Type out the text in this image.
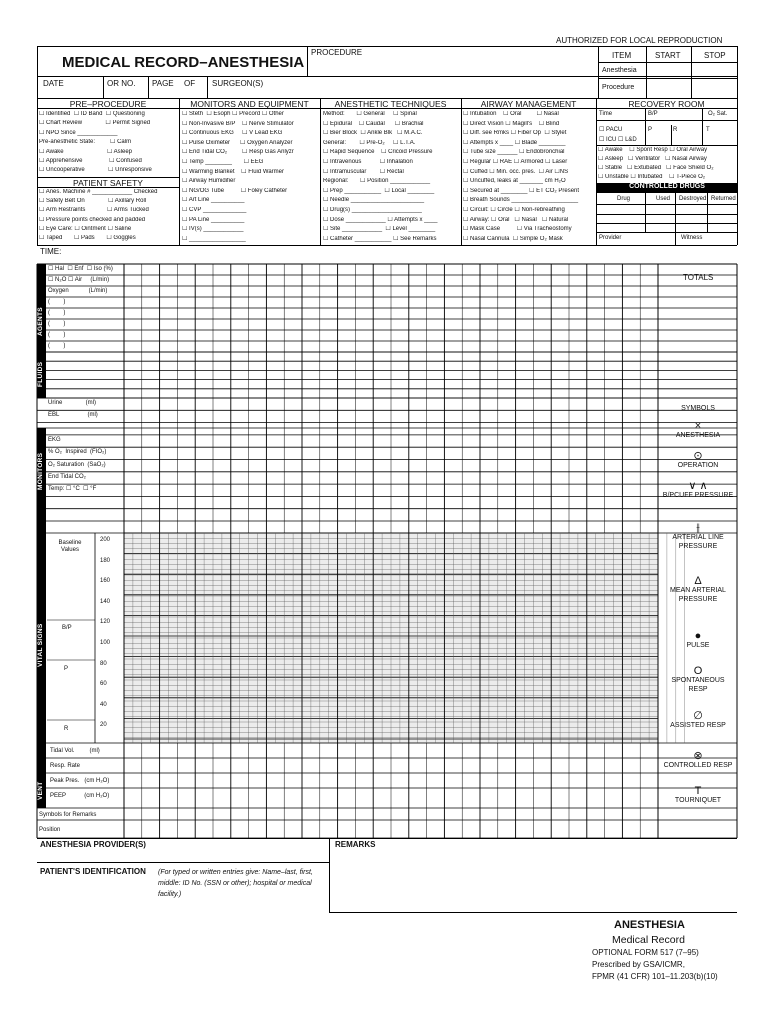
AUTHORIZED FOR LOCAL REPRODUCTION
MEDICAL RECORD–ANESTHESIA
PROCEDURE	ITEM	START	STOP
Anesthesia
Procedure
DATE	OR NO. PAGE OF SURGEON(S)
PRE–PROCEDURE	MONITORS AND EQUIPMENT	ANESTHETIC TECHNIQUES	AIRWAY MANAGEMENT	RECOVERY ROOM
☐ Identified  ☐ ID Band  ☐ Questioning
☐ Chart Review              ☐ Permit Signed
☐ NPO Since ____________
Pre-anesthetic State:         ☐ Calm
☐ Awake                          ☐ Asleep
☐ Apprehensive                ☐ Confused
☐ Uncooperative              ☐ Unresponsive
PATIENT SAFETY
☐ Anes. Machine # ____________ Checked
☐ Safety Belt On              ☐ Axillary Roll
☐ Arm Restraints             ☐ Arms Tucked
☐ Pressure points checked and padded
☐ Eye Care: ☐ Ointment ☐ Saline
☐ Taped       ☐ Pads       ☐ Goggles
☐ Steth  ☐ Esoph ☐ Precord ☐ Other
☐ Non-Invasive B/P    ☐ Nerve Stimulator
☐ Continuous EKG     ☐ V Lead EKG
☐ Pulse Oximeter      ☐ Oxygen Analyzer
☐ End Tidal CO₂         ☐ Resp Gas Anlyzr
☐ Temp ________       ☐ EEG
☐ Warming Blanket    ☐ Fluid Warmer
☐ Airway Humidifier
☐ NG/OG Tube          ☐ Foley Catheter
☐ Art Line __________
☐ CVP _____________
☐ PA Line __________
☐ IV(s) ____________
☐ _________________
Method:       ☐ General     ☐ Spinal
☐ Epidural    ☐ Caudal      ☐ Brachial
☐ Bier Block  ☐ Ankle Blk   ☐ M.A.C.
General:        ☐ Pre-O₂     ☐ L.T.A.
☐ Rapid Sequence    ☐ Cricoid Pressure
☐ Intravenous           ☐ Inhalation
☐ Intramuscular        ☐ Rectal
Regional:       ☐ Position ____________
☐ Prep ___________  ☐ Local ________
☐ Needle ______________________
☐ Drug(s) _____________________
☐ Dose ____________ ☐ Attempts x ____
☐ Site ____________  ☐ Level ________
☐ Catheter ___________ ☐ See Remarks
☐ Intubation    ☐ Oral         ☐ Nasal
☐ Direct Vision ☐ Magill's    ☐ Blind
☐ Diff. see Rmks ☐ Fiber Op  ☐ Stylet
☐ Attempts x ____ ☐ Blade ________
☐ Tube size ______ ☐ Endobronchial
☐ Regular ☐ RAE ☐ Armored ☐ Laser
☐ Cuffed ☐ Min. occ. pres.  ☐ Air ☐NS
☐ Uncuffed, leaks at _______ cm H₂O
☐ Secured at ________ ☐ ET CO₂ Present
☐ Breath Sounds ____________________
☐ Circuit: ☐ Circle ☐ Non-rebreathing
☐ Airway: ☐ Oral   ☐ Nasal   ☐ Natural
☐ Mask Case          ☐ Via Tracheostomy
☐ Nasal Cannula  ☐ Simple O₂ Mask
Time	B/P	O₂ Sat.
☐ PACU	P	R	T
☐ ICU ☐ L&D
☐ Awake    ☐ Spont Resp ☐ Oral Airway
☐ Asleep   ☐ Ventilator   ☐ Nasal Airway
☐ Stable   ☐ Extubated   ☐ Face Shield O₂
☐ Unstable ☐ Intubated    ☐ T-Piece O₂
CONTROLLED DRUGS
Drug	Used Destroyed Returned
Provider	Witness
TIME:
TOTALS
AGENTS
FLUIDS
MONITORS
VITAL SIGNS
VENT
☐ Hal  ☐ Enf  ☐ Iso (%)
☐ N₂O ☐ Air     (L/min)
Oxygen            (L/min)
(        )
(        )
(        )
(        )
(        )
Urine              (ml)
EBL                 (ml)
EKG
% O₂  Inspired  (FIO₂)
O₂ Saturation  (SaO₂)
End Tidal CO₂
Temp: ☐ °C  ☐ °F
200
180
160
140
120
100
80
60
40
20
Tidal Vol.         (ml)
Resp. Rate
Peak Pres.   (cm H₂O)
PEEP           (cm H₂O)
Baseline Values
B/P
P
R
Symbols for Remarks
Position
SYMBOLS
×
ANESTHESIA
⊙
OPERATION
∨ ∧
B/PCUFF PRESSURE
⫲
ARTERIAL LINE PRESSURE
Δ
MEAN ARTERIAL PRESSURE
●
PULSE
O
SPONTANEOUS RESP
∅
ASSISTED RESP
⊗
CONTROLLED RESP
T
TOURNIQUET
ANESTHESIA PROVIDER(S)	REMARKS
PATIENT'S IDENTIFICATION (For typed or written entries give: Name–last, first, middle: ID No. (SSN or other); hospital or medical facility.)
ANESTHESIA
Medical Record
OPTIONAL FORM 517 (7–95)
Prescribed by GSA/ICMR,
FPMR (41 CFR) 101–11.203(b)(10)
